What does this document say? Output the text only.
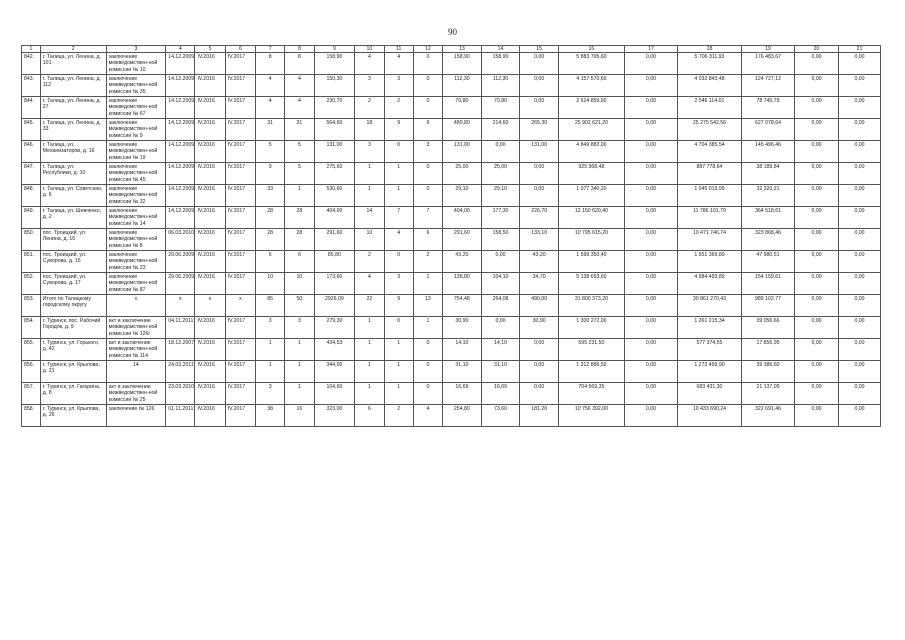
90
1	2	3	4	5	6	7	8	9	10	11	12	13	14	15	16	17	18	19	20	21
842.	г. Талица, ул. Ленина, д. 101	заключение межведомствен-ной комиссии № 10	14.12.2009	IV.2016	IV.2017	8	8	158,90	4	4	0	158,90	158,90	0,00	5 883 795,60	0,00	5 706 311,93	176 483,67	0,00	0,00
843.	г. Талица, ул. Ленина, д. 112	заключение межведомствен-ной комиссии № 35	14.12.2009	IV.2016	IV.2017	4	4	150,30	3	3	0	112,30	112,30	0,00	4 157 570,60	0,00	4 032 843,48	124 727,12	0,00	0,00
844.	г. Талица, ул. Ленина, д. 27	заключение межведомствен-ной комиссии № 67	14.12.2009	IV.2016	IV.2017	4	4	230,70	2	2	0	70,80	70,80	0,00	2 624 859,90	0,00	2 546 114,01	78 745,79	0,00	0,00
845.	г. Талица, ул. Ленина, д. 33	заключение межведомствен-ной комиссии № 9	14.12.2009	IV.2016	IV.2017	31	31	564,60	18	9	9	480,80	214,60	265,30	25 902 621,20	0,00	25 275 542,56	627 078,64	0,00	0,00
846.	г. Талица, ул. Механизаторов, д. 16	заключение межведомствен-ной комиссии № 19	14.12.2009	IV.2016	IV.2017	5	5	131,00	3	0	3	131,00	0,00	131,00	4 849 882,00	0,00	4 704 385,54	145 496,46	0,00	0,00
847.	г. Талица, ул. Республики, д. 10	заключение межведомствен-ной комиссии № 45	14.12.2009	IV.2016	IV.2017	9	5	275,60	1	1	0	25,00	25,00	0,00	925 968,48	0,00	887 778,64	38 189,84	0,00	0,00
848.	г. Талица, ул. Советская, д. 6	заключение межведомствен-ной комиссии № 32	14.12.2009	IV.2016	IV.2017	33	1	530,60	1	1	0	29,10	29,10	0,00	1 077 340,20	0,00	1 045 019,99	32 320,21	0,00	0,00
849.	г. Талица, ул. Шевченко, д. 2	заключение межведомствен-ной комиссии № 14	14.12.2009	IV.2016	IV.2017	28	28	404,00	14	7	7	404,00	177,30	226,70	12 150 620,40	0,00	11 786 101,79	364 518,61	0,00	0,00
850.	пос. Троицкий, ул. Ленина, д. 16	заключение межведомствен-ной комиссии № 8	06.03.2010	IV.2016	IV.2017	28	28	291,60	10	4	6	291,60	158,50	133,10	10 795 615,20	0,00	10 471 746,74	323 868,46	0,00	0,00
851.	пос. Троицкий, ул. Суворова, д. 15	заключение межведомствен-ной комиссии № 23	29.06.2009	IV.2016	IV.2017	6	6	85,80	2	0	2	43,20	0,00	43,20	1 599 350,40	0,00	1 551 369,89	47 980,51	0,00	0,00
852.	пос. Троицкий, ул. Суворова, д. 17	заключение межведомствен-ной комиссии № 87	29.06.2009	IV.2016	IV.2017	10	10	173,60	4	3	1	138,80	104,10	34,70	5 138 653,60	0,00	4 984 493,89	154 159,61	0,00	0,00
853.	Итого по Талицкому городскому округу	x	x	x	x	85	50	2926,09	22	9	13	754,48	264,08	490,00	31 800 373,20	0,00	30 861 270,43	989 102,77	0,00	0,00
854.	г. Туринск, пос. Рабочий Городок, д. 9	акт и заключение межведомствен-ной комиссии № 126г	04.11.2011	IV.2016	IV.2017	3	3	279,30	1	0	1	30,90	0,00	30,90	1 300 272,00	0,00	1 261 215,34	39 056,66	0,00	0,00
855.	г. Туринск, ул. Горького, д. 42	акт и заключение межведомствен-ной комиссии № 114	18.12.2007	IV.2016	IV.2017	1	1	434,53	1	1	0	14,10	14,10	0,00	595 231,50	0,00	577 374,55	17 856,95	0,00	0,00
856.	г. Туринск, ул. Крылова, д. 21	14	24.03.2011	IV.2016	IV.2017	1	1	344,00	1	1	0	31,10	31,10	0,00	1 312 886,50	0,00	1 273 499,90	39 386,60	0,00	0,00
857.	г. Туринск, ул. Гагарина, д. 8	акт и заключение межведомствен-ной комиссии № 25	23.03.2010	IV.2016	IV.2017	3	1	104,60	1	1	0	16,69	16,69	0,00	704 569,35	0,00	683 431,30	21 137,05	0,00	0,00
858.	г. Туринск, ул. Крылова, д. 26	заключение № 126	01.11.2011	IV.2016	IV.2017	38	16	323,00	6	2	4	254,80	73,60	181,20	10 756 392,00	0,00	10 433 690,24	322 691,46	0,00	0,00
